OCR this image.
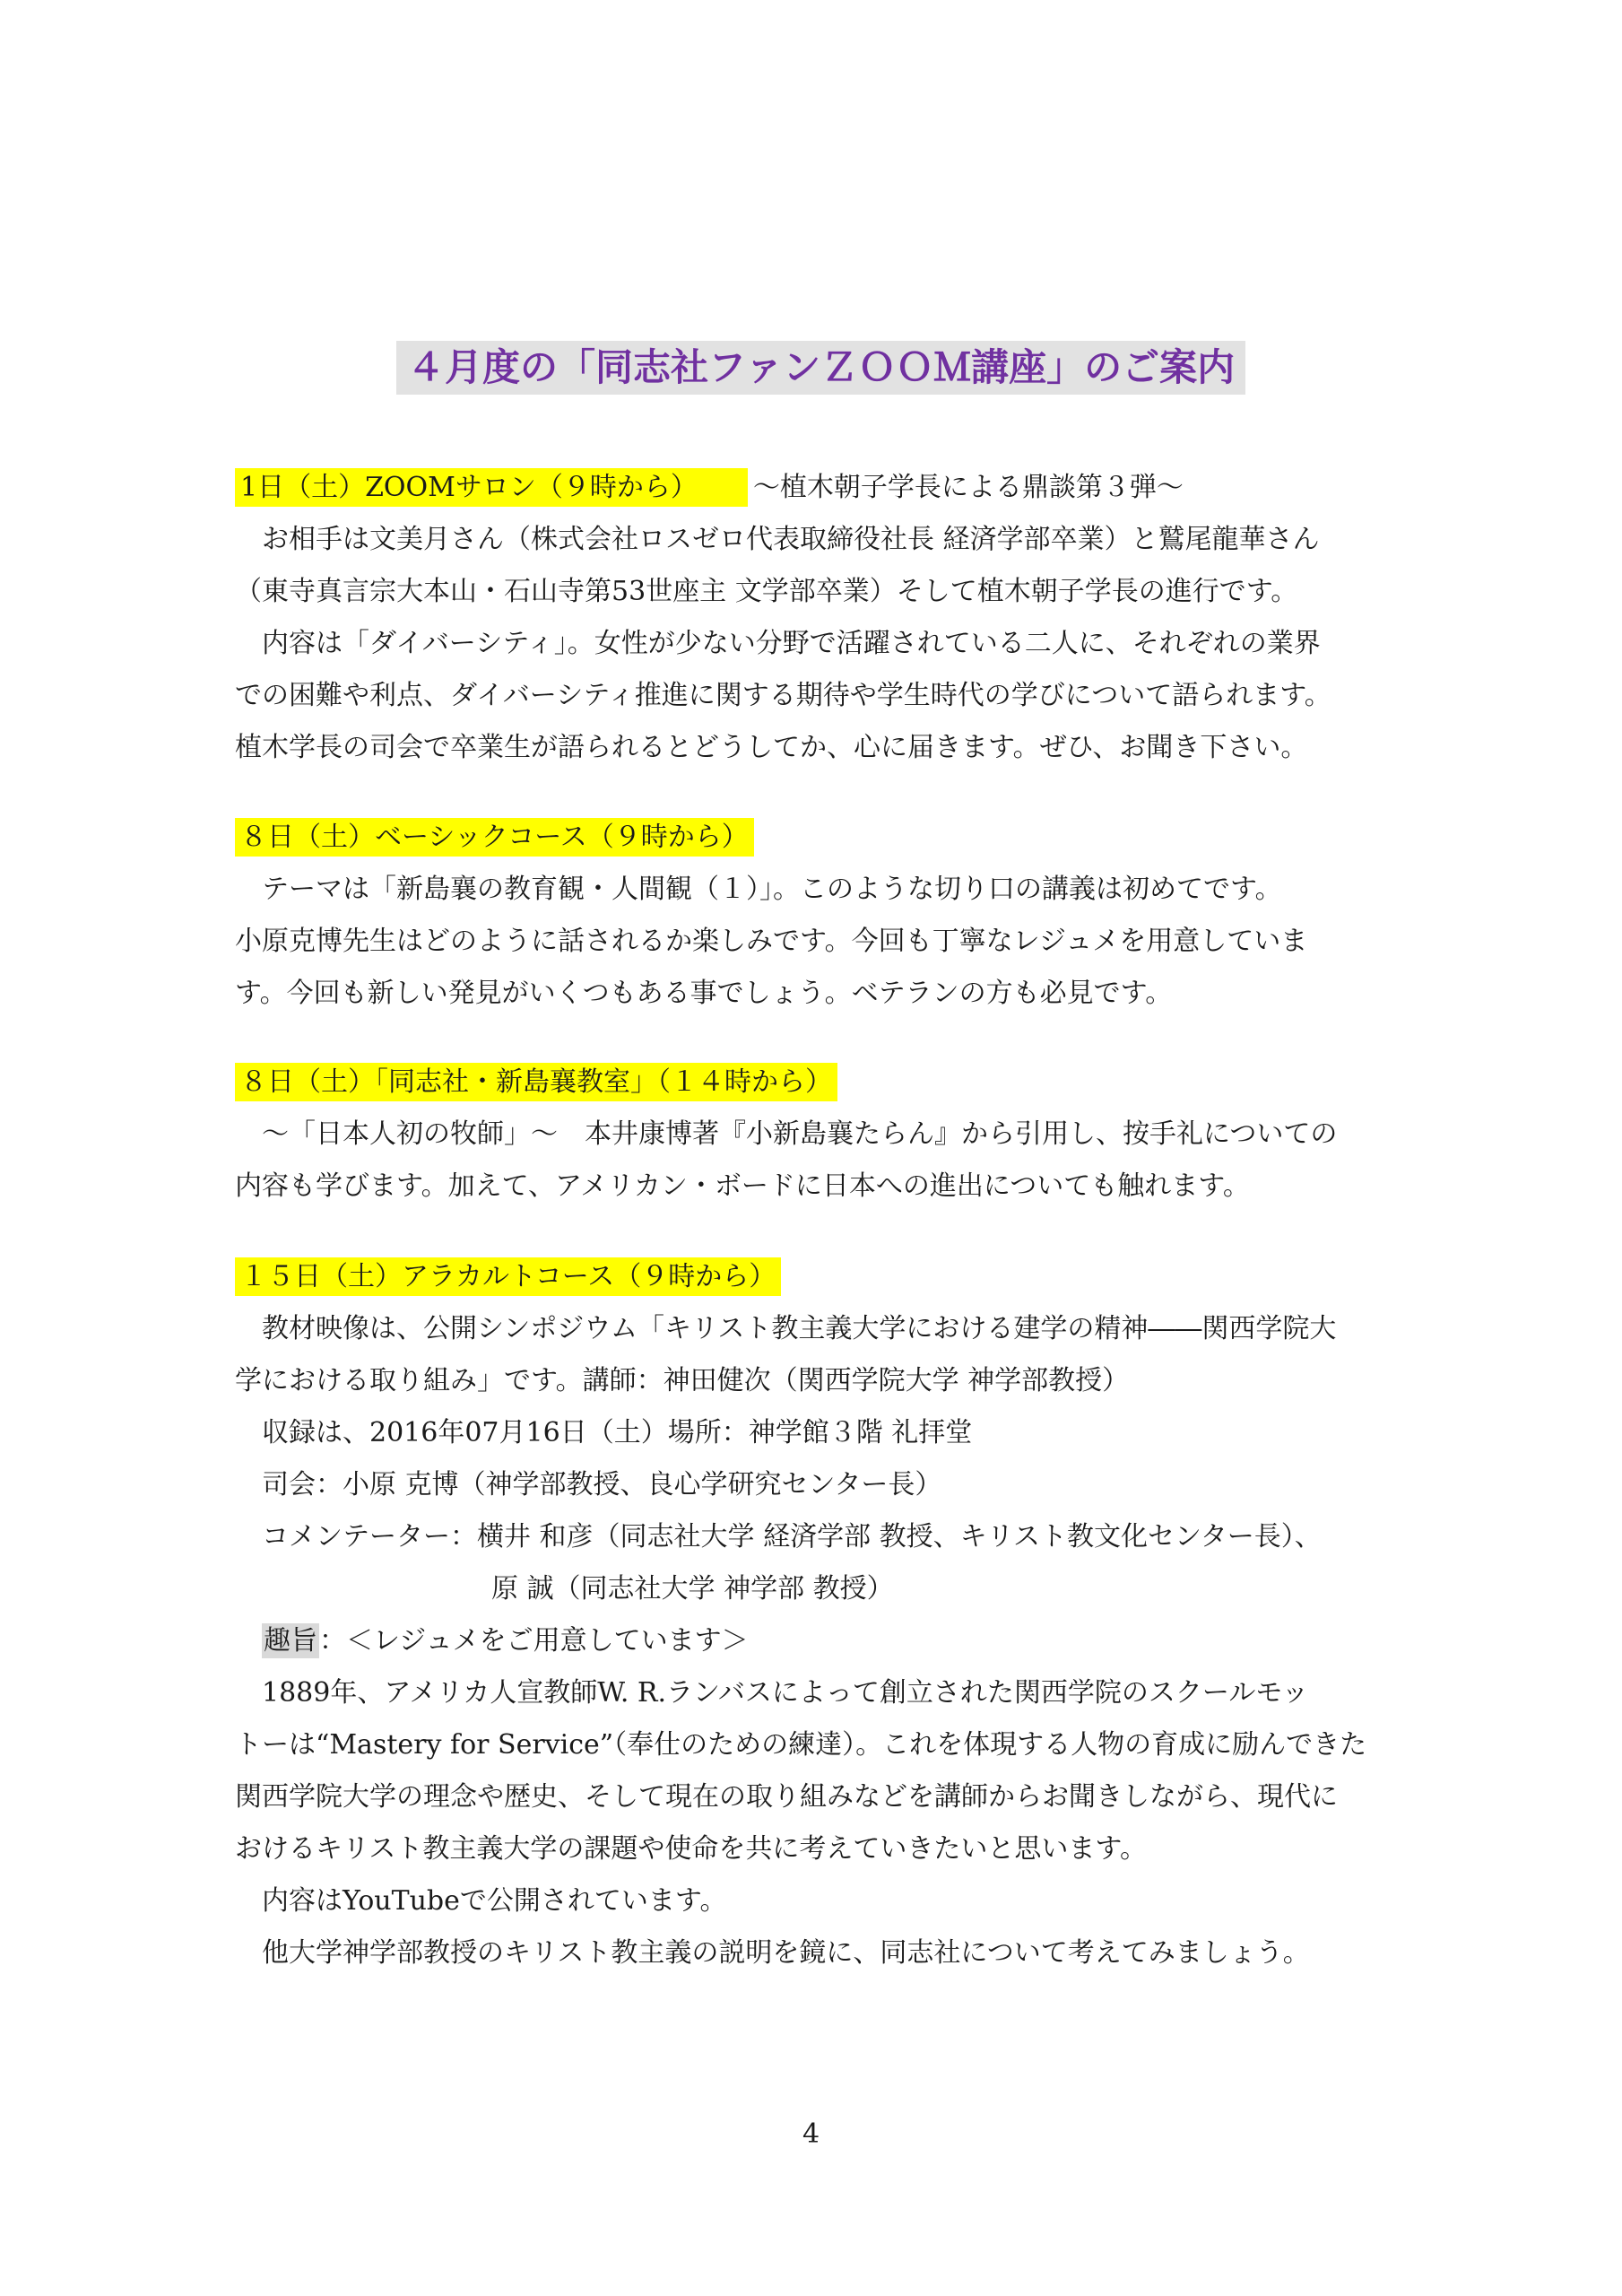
４月度の「同志社ファンＺＯＯＭ講座」のご案内
1日（土）ZOOMサロン（９時から） ～植木朝子学長による鼎談第３弾～
お相手は文美月さん（株式会社ロスゼロ代表取締役社長 経済学部卒業）と鷲尾龍華さん
（東寺真言宗大本山・石山寺第53世座主 文学部卒業）そして植木朝子学長の進行です。
内容は「ダイバーシティ」。女性が少ない分野で活躍されている二人に、それぞれの業界
での困難や利点、ダイバーシティ推進に関する期待や学生時代の学びについて語られます。
植木学長の司会で卒業生が語られるとどうしてか、心に届きます。ぜひ、お聞き下さい。
８日（土）ベーシックコース（９時から）
テーマは「新島襄の教育観・人間観（１）」。このような切り口の講義は初めてです。
小原克博先生はどのように話されるか楽しみです。今回も丁寧なレジュメを用意していま
す。今回も新しい発見がいくつもある事でしょう。ベテランの方も必見です。
８日（土）「同志社・新島襄教室」（１４時から）
～「日本人初の牧師」～　本井康博著『小新島襄たらん』から引用し、按手礼についての
内容も学びます。加えて、アメリカン・ボードに日本への進出についても触れます。
１５日（土）アラカルトコース（９時から）
教材映像は、公開シンポジウム「キリスト教主義大学における建学の精神――関西学院大
学における取り組み」です。講師：神田健次（関西学院大学 神学部教授）
収録は、2016年07月16日（土）場所：神学館３階 礼拝堂
司会：小原 克博（神学部教授、良心学研究センター長）
コメンテーター：横井 和彦（同志社大学 経済学部 教授、キリスト教文化センター長）、
原 誠（同志社大学 神学部 教授）
趣旨：＜レジュメをご用意しています＞
1889年、アメリカ人宣教師W. R.ランバスによって創立された関西学院のスクールモッ
トーは“Mastery for Service”（奉仕のための練達）。これを体現する人物の育成に励んできた
関西学院大学の理念や歴史、そして現在の取り組みなどを講師からお聞きしながら、現代に
おけるキリスト教主義大学の課題や使命を共に考えていきたいと思います。
内容はYouTubeで公開されています。
他大学神学部教授のキリスト教主義の説明を鏡に、同志社について考えてみましょう。
4
